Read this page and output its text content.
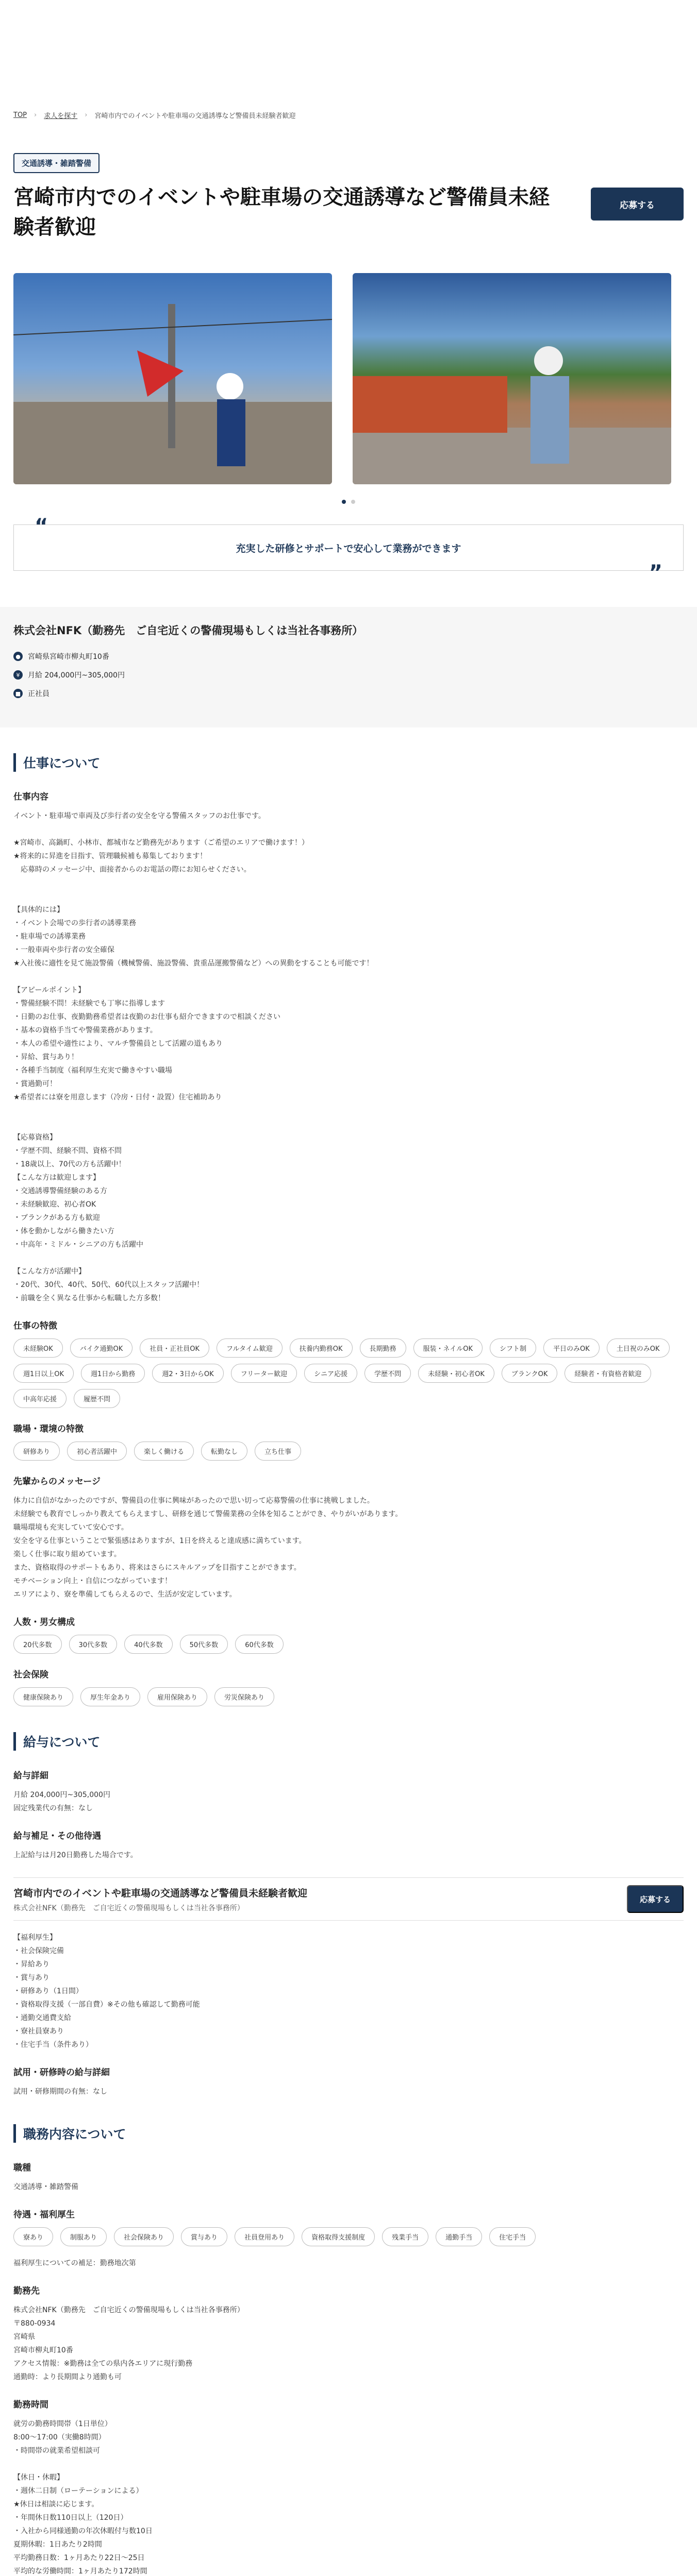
TOP › 求人を探す › 宮崎市内でのイベントや駐車場の交通誘導など警備員未経験者歓迎
交通誘導・雑踏警備
宮崎市内でのイベントや駐車場の交通誘導など警備員未経験者歓迎
応募する
“
充実した研修とサポートで安心して業務ができます
”
株式会社NFK（勤務先　ご自宅近くの警備現場もしくは当社各事務所）
●	宮崎県宮崎市柳丸町10番
¥	月給 204,000円~305,000円
■ 正社員
仕事について
仕事内容

イベント・駐車場で車両及び歩行者の安全を守る警備スタッフのお仕事です。

★宮崎市、高鍋町、小林市、都城市など勤務先があります（ご希望のエリアで働けます！）
★将来的に昇進を目指す、管理職候補も募集しております！
　応募時のメッセージ中、面接者からのお電話の際にお知らせください。

【具体的には】
・イベント会場での歩行者の誘導業務
・駐車場での誘導業務
・一般車両や歩行者の安全確保
★入社後に適性を見て施設警備（機械警備、施設警備、貴重品運搬警備など）への異動をすることも可能です！

【アピールポイント】
・警備経験不問！未経験でも丁寧に指導します
・日勤のお仕事、夜勤勤務希望者は夜勤のお仕事も紹介できますので相談ください
・基本の資格手当てや警備業務があります。
・本人の希望や適性により、マルチ警備員として活躍の道もあり
・昇給、賞与あり！
・各種手当制度（福利厚生充実で働きやすい職場
・賞過勤可！
★希望者には寮を用意します（冷房・日付・設置）住宅補助あり

【応募資格】
・学歴不問、経験不問、資格不問
・18歳以上、70代の方も活躍中！
【こんな方は歓迎します】
・交通誘導警備経験のある方
・未経験歓迎、初心者OK
・ブランクがある方も歓迎
・体を動かしながら働きたい方
・中高年・ミドル・シニアの方も活躍中

【こんな方が活躍中】
・20代、30代、40代、50代、60代以上スタッフ活躍中！
・前職を全く異なる仕事から転職した方多数！

仕事の特徴
未経験OK	バイク通勤OK	社員・正社員OK	フルタイム歓迎	扶養内勤務OK	長期勤務	服装・ネイルOK	シフト制	平日のみOK	土日祝のみOK
週1日以上OK	週1日から勤務	週2・3日からOK	フリーター歓迎	シニア応援	学歴不問	未経験・初心者OK	ブランクOK	経験者・有資格者歓迎
中高年応援	履歴不問
職場・環境の特徴
研修あり	初心者活躍中	楽しく働ける	転勤なし	立ち仕事
先輩からのメッセージ

体力に自信がなかったのですが、警備員の仕事に興味があったので思い切って応募警備の仕事に挑戦しました。
未経験でも教育でしっかり教えてもらえますし、研修を通じて警備業務の全体を知ることができ、やりがいがあります。
職場環境も充実していて安心です。
安全を守る仕事ということで緊張感はありますが、1日を終えると達成感に満ちています。
楽しく仕事に取り組めています。
また、資格取得のサポートもあり、将来はさらにスキルアップを目指すことができます。
モチベーション向上・自信につながっています！
エリアにより、寮を準備してもらえるので、生活が安定しています。

人数・男女構成
20代多数	30代多数	40代多数	50代多数	60代多数
社会保険
健康保険あり	厚生年金あり	雇用保険あり	労災保険あり
給与について
給与詳細

月給 204,000円~305,000円
固定残業代の有無：なし

給与補足・その他待遇

上記給与は月20日勤務した場合です。

宮崎市内でのイベントや駐車場の交通誘導など警備員未経験者歓迎
株式会社NFK（勤務先　ご自宅近くの警備現場もしくは当社各事務所）
応募する

【福利厚生】
・社会保険完備
・昇給あり
・賞与あり
・研修あり（1日間）
・資格取得支援（一部自費）※その他も確認して勤務可能
・通勤交通費支給
・寮社員寮あり
・住宅手当（条件あり）

試用・研修時の給与詳細

試用・研修期間の有無：なし

職務内容について
職種

交通誘導・雑踏警備

待遇・福利厚生
寮あり	制服あり	社会保険あり	賞与あり	社員登用あり	資格取得支援制度	残業手当	通勤手当	住宅手当

福利厚生についての補足：勤務地次第

勤務先

株式会社NFK（勤務先　ご自宅近くの警備現場もしくは当社各事務所）
〒880-0934
宮崎県
宮崎市柳丸町10番
アクセス情報：※勤務は全ての県内各エリアに現行勤務
通勤時：より長期間より通勤も可

勤務時間

就労の勤務時間帯（1日単位）
8:00～17:00（実働8時間）
・時間帯の就業希望相談可

【休日・休暇】
・週休二日制（ローテーションによる）
★休日は相談に応じます。
・年間休日数110日以上（120日）
・入社から同様通勤の年次休暇付与数10日
夏期休暇：1日あたり2時間
平均勤務日数：1ヶ月あたり22日～25日
平均的な労働時間：1ヶ月あたり172時間
